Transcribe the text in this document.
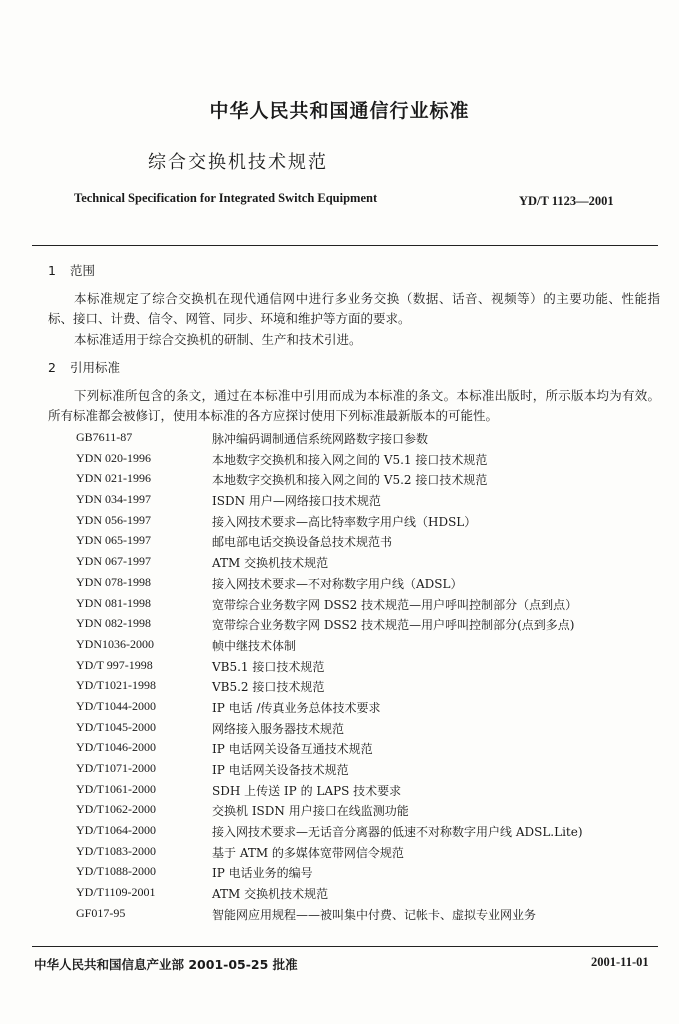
中华人民共和国通信行业标准
综合交换机技术规范
Technical Specification for Integrated Switch Equipment	YD/T 1123—2001
1 范围
本标准规定了综合交换机在现代通信网中进行多业务交换（数据、话音、视频等）的主要功能、性能指标、接口、计费、信令、网管、同步、环境和维护等方面的要求。
本标准适用于综合交换机的研制、生产和技术引进。
2 引用标准
下列标准所包含的条文，通过在本标准中引用而成为本标准的条文。本标准出版时，所示版本均为有效。所有标准都会被修订，使用本标准的各方应探讨使用下列标准最新版本的可能性。
GB7611-87	脉冲编码调制通信系统网路数字接口参数
YDN 020-1996	本地数字交换机和接入网之间的 V5.1 接口技术规范
YDN 021-1996	本地数字交换机和接入网之间的 V5.2 接口技术规范
YDN 034-1997	ISDN 用户—网络接口技术规范
YDN 056-1997	接入网技术要求—高比特率数字用户线（HDSL）
YDN 065-1997	邮电部电话交换设备总技术规范书
YDN 067-1997	ATM 交换机技术规范
YDN 078-1998	接入网技术要求—不对称数字用户线（ADSL）
YDN 081-1998	宽带综合业务数字网 DSS2 技术规范—用户呼叫控制部分（点到点）
YDN 082-1998	宽带综合业务数字网 DSS2 技术规范—用户呼叫控制部分(点到多点)
YDN1036-2000	帧中继技术体制
YD/T 997-1998	VB5.1 接口技术规范
YD/T1021-1998	VB5.2 接口技术规范
YD/T1044-2000	IP 电话 /传真业务总体技术要求
YD/T1045-2000	网络接入服务器技术规范
YD/T1046-2000	IP 电话网关设备互通技术规范
YD/T1071-2000	IP 电话网关设备技术规范
YD/T1061-2000	SDH 上传送 IP 的 LAPS 技术要求
YD/T1062-2000	交换机 ISDN 用户接口在线监测功能
YD/T1064-2000	接入网技术要求—无话音分离器的低速不对称数字用户线 ADSL.Lite)
YD/T1083-2000	基于 ATM 的多媒体宽带网信令规范
YD/T1088-2000	IP 电话业务的编号
YD/T1109-2001	ATM 交换机技术规范
GF017-95	智能网应用规程——被叫集中付费、记帐卡、虚拟专业网业务
中华人民共和国信息产业部 2001-05-25 批准	2001-11-01
